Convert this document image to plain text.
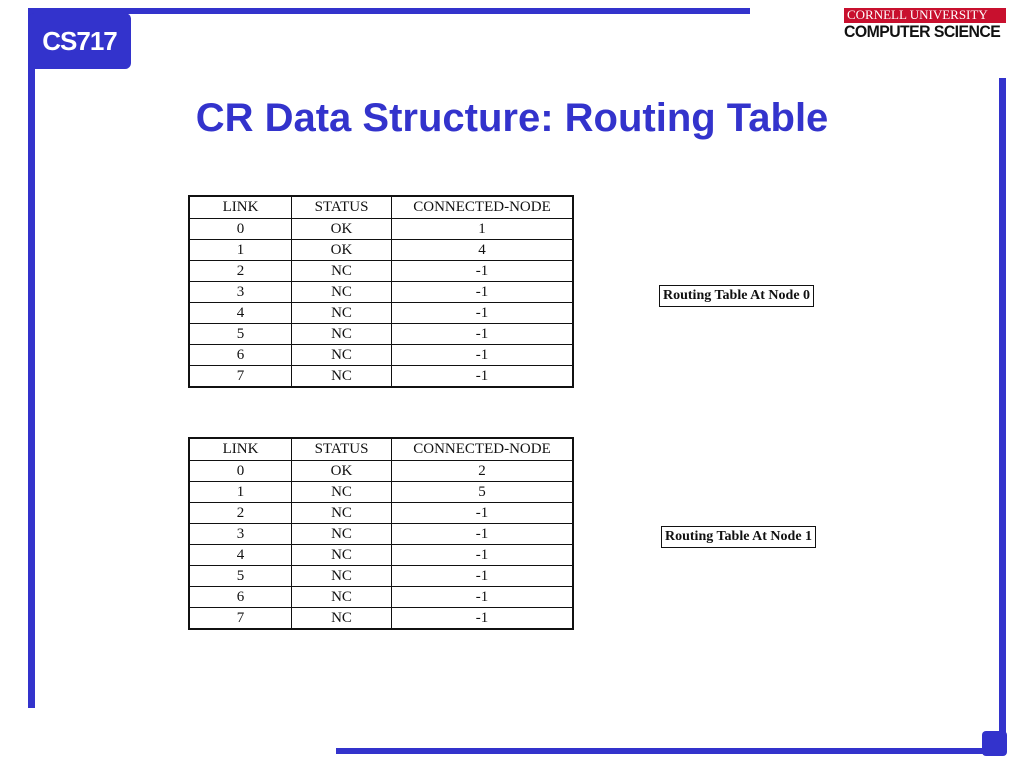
CS717
CORNELL UNIVERSITY
COMPUTER SCIENCE
CR Data Structure: Routing Table
LINK	STATUS	CONNECTED-NODE
0	OK	1
1	OK	4
2	NC	-1
3	NC	-1
4	NC	-1
5	NC	-1
6	NC	-1
7	NC	-1
Routing Table At Node 0
LINK	STATUS	CONNECTED-NODE
0	OK	2
1	NC	5
2	NC	-1
3	NC	-1
4	NC	-1
5	NC	-1
6	NC	-1
7	NC	-1
Routing Table At Node 1
